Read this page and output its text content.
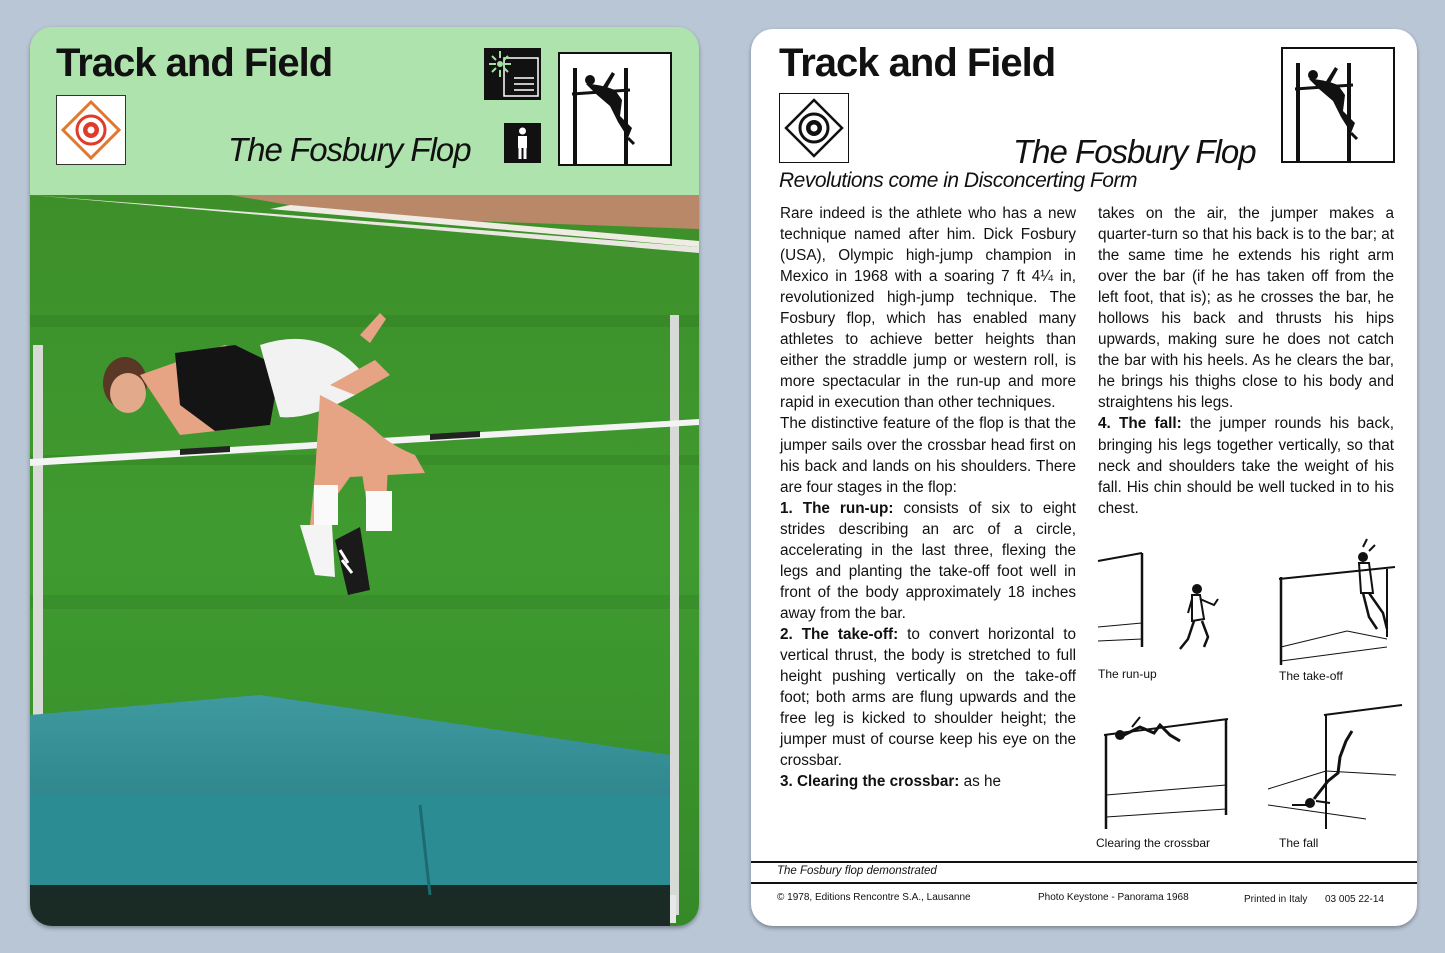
Track and Field
The Fosbury Flop
Track and Field
The Fosbury Flop
Revolutions come in Disconcerting Form

Rare indeed is the athlete who has a new technique named after him. Dick Fosbury (USA), Olympic high-jump champion in Mexico in 1968 with a soaring 7 ft 4¼ in, revolutionized high-jump technique. The Fosbury flop, which has enabled many athletes to achieve better heights than either the straddle jump or western roll, is more spectacular in the run-up and more rapid in execution than other techniques.

The distinctive feature of the flop is that the jumper sails over the crossbar head first on his back and lands on his shoulders. There are four stages in the flop:

1. The run-up: consists of six to eight strides describing an arc of a circle, accelerating in the last three, flexing the legs and planting the take-off foot well in front of the body approximately 18 inches away from the bar.

2. The take-off: to convert horizontal to vertical thrust, the body is stretched to full height pushing vertically on the take-off foot; both arms are flung upwards and the free leg is kicked to shoulder height; the jumper must of course keep his eye on the crossbar.

3. Clearing the crossbar: as he

takes on the air, the jumper makes a quarter-turn so that his back is to the bar; at the same time he extends his right arm over the bar (if he has taken off from the left foot, that is); as he crosses the bar, he hollows his back and thrusts his hips upwards, making sure he does not catch the bar with his heels. As he clears the bar, he brings his thighs close to his body and straightens his legs.

4. The fall: the jumper rounds his back, bringing his legs together vertically, so that neck and shoulders take the weight of his fall. His chin should be well tucked in to his chest.

The run-up	The take-off
Clearing the crossbar	The fall
The Fosbury flop demonstrated
© 1978, Editions Rencontre S.A., Lausanne	Photo Keystone - Panorama 1968	Printed in Italy 03 005 22-14
